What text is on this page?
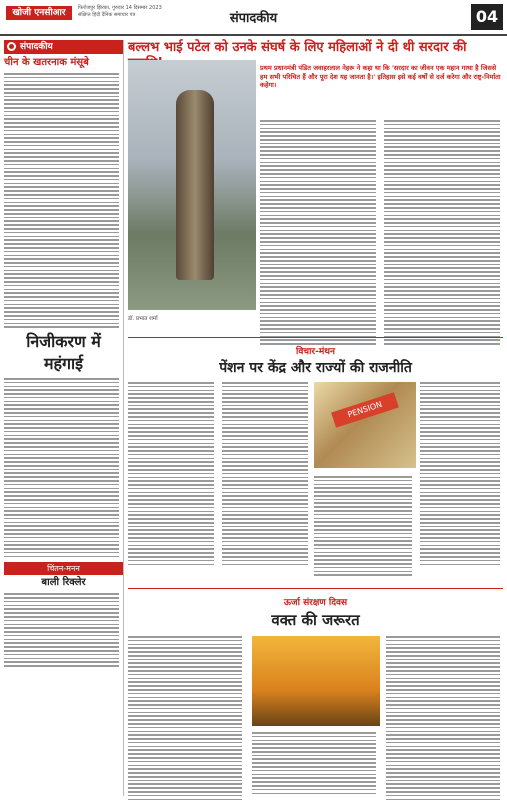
खोजी एनसीआर	फिरोजपुर झिरका, गुरुवार 14 दिसम्बर 2023
संक्षिप्त हिंदी दैनिक समाचार पत्र	संपादकीय	04
संपादकीय
चीन के खतरनाक मंसूबे
निजीकरण में महंगाई
चिंतन-मनन
बाली रिक्लेर
बल्लभ भाई पटेल को उनके संघर्ष के लिए महिलाओं ने दी थी सरदार की
डॉ. प्रभात शर्मा
प्रथम प्रधानमंत्री पंडित जवाहरलाल नेहरू ने कहा था कि 'सरदार का जीवन एक महान गाथा है जिससे हम सभी परिचित हैं और पूरा देश यह जानता है।' इतिहास इसे कई वर्षों से दर्ज करेगा और राष्ट्र-निर्माता कहेगा।
विचार-मंथन
पेंशन पर केंद्र और राज्यों की राजनीति
PENSION
ऊर्जा संरक्षण दिवस
वक्त की जरूरत
